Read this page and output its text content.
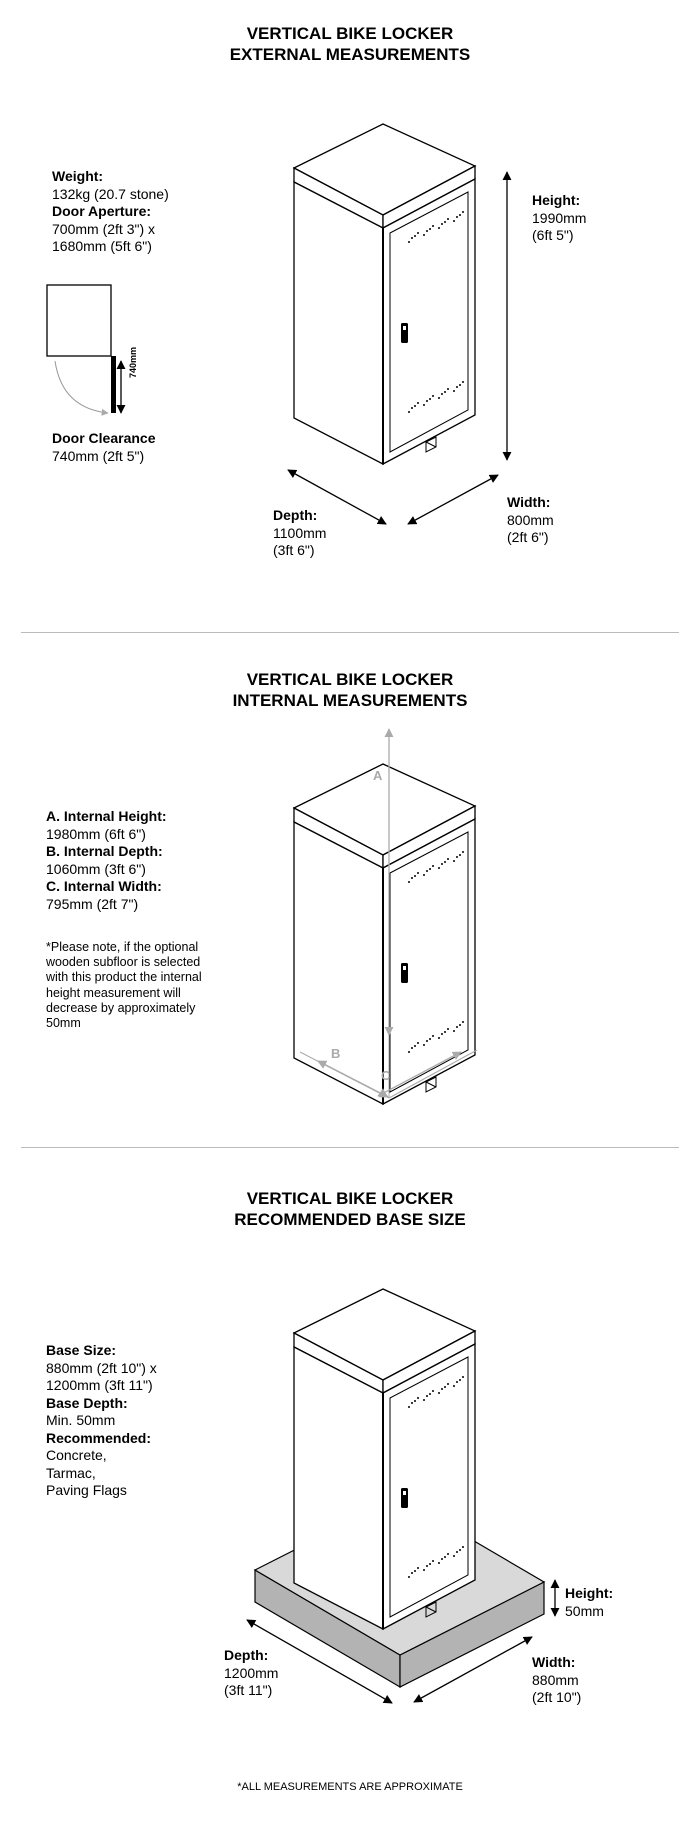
VERTICAL BIKE LOCKER
EXTERNAL MEASUREMENTS
Weight:
132kg (20.7 stone)
Door Aperture:
700mm (2ft 3") x
1680mm (5ft 6")
740mm
Door Clearance
740mm (2ft 5")
Height:
1990mm
(6ft 5")
Width:
800mm
(2ft 6")
Depth:
1100mm
(3ft 6")
VERTICAL BIKE LOCKER
INTERNAL MEASUREMENTS
A. Internal Height:
1980mm (6ft 6")
B. Internal Depth:
1060mm (3ft 6")
C. Internal Width:
795mm (2ft 7")
*Please note, if the optional
wooden subfloor is selected
with this product the internal
height measurement will
decrease by approximately
50mm
A
B
C
VERTICAL BIKE LOCKER
RECOMMENDED BASE SIZE
Base Size:
880mm (2ft 10") x
1200mm (3ft 11")
Base Depth:
Min. 50mm
Recommended:
Concrete,
Tarmac,
Paving Flags
Height:
50mm
Width:
880mm
(2ft 10")
Depth:
1200mm
(3ft 11")
*ALL MEASUREMENTS ARE APPROXIMATE
